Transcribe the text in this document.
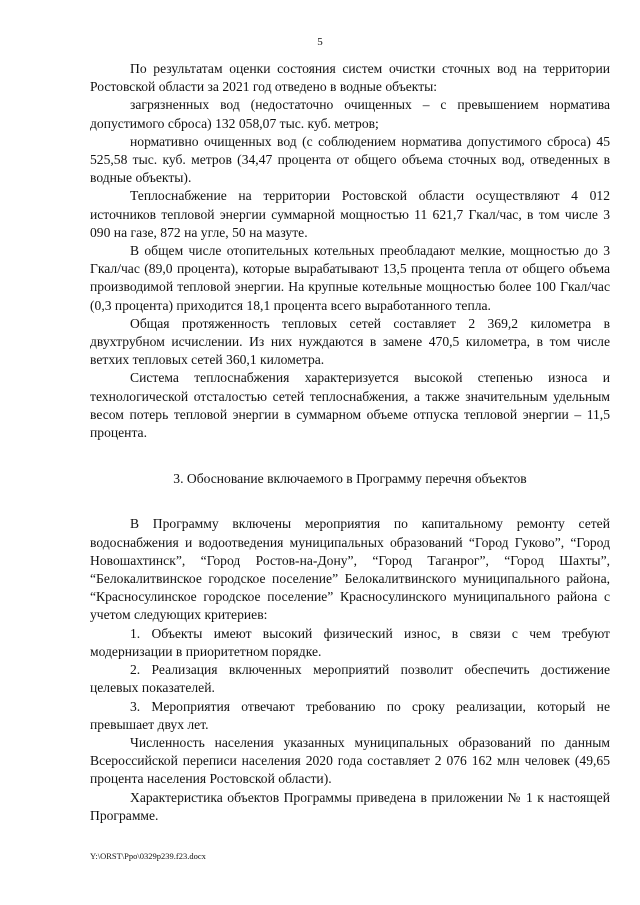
5

По результатам оценки состояния систем очистки сточных вод на территории Ростовской области за 2021 год отведено в водные объекты:

загрязненных вод (недостаточно очищенных – с превышением норматива допустимого сброса) 132 058,07 тыс. куб. метров;

нормативно очищенных вод (с соблюдением норматива допустимого сброса) 45 525,58 тыс. куб. метров (34,47 процента от общего объема сточных вод, отведенных в водные объекты).

Теплоснабжение на территории Ростовской области осуществляют 4 012 источников тепловой энергии суммарной мощностью 11 621,7 Гкал/час, в том числе 3 090 на газе, 872 на угле, 50 на мазуте.

В общем числе отопительных котельных преобладают мелкие, мощностью до 3 Гкал/час (89,0 процента), которые вырабатывают 13,5 процента тепла от общего объема производимой тепловой энергии. На крупные котельные мощностью более 100 Гкал/час (0,3 процента) приходится 18,1 процента всего выработанного тепла.

Общая протяженность тепловых сетей составляет 2 369,2 километра в двухтрубном исчислении. Из них нуждаются в замене 470,5 километра, в том числе ветхих тепловых сетей 360,1 километра.

Система теплоснабжения характеризуется высокой степенью износа и технологической отсталостью сетей теплоснабжения, а также значительным удельным весом потерь тепловой энергии в суммарном объеме отпуска тепловой энергии – 11,5 процента.

3. Обоснование включаемого в Программу перечня объектов

В Программу включены мероприятия по капитальному ремонту сетей водоснабжения и водоотведения муниципальных образований “Город Гуково”, “Город Новошахтинск”, “Город Ростов-на-Дону”, “Город Таганрог”, “Город Шахты”, “Белокалитвинское городское поселение” Белокалитвинского муниципального района, “Красносулинское городское поселение” Красносулинского муниципального района с учетом следующих критериев:

1. Объекты имеют высокий физический износ, в связи с чем требуют модернизации в приоритетном порядке.

2. Реализация включенных мероприятий позволит обеспечить достижение целевых показателей.

3. Мероприятия отвечают требованию по сроку реализации, который не превышает двух лет.

Численность населения указанных муниципальных образований по данным Всероссийской переписи населения 2020 года составляет 2 076 162 млн человек (49,65 процента населения Ростовской области).

Характеристика объектов Программы приведена в приложении № 1 к настоящей Программе.

Y:\ORST\Ppo\0329p239.f23.docx
